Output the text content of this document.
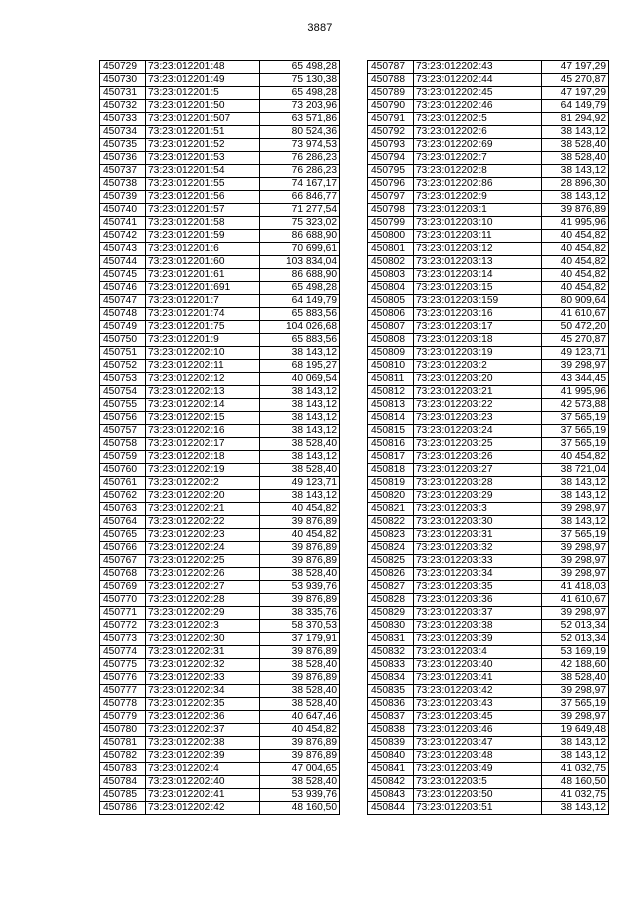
3887
450729	73:23:012201:48	65 498,28
450730	73:23:012201:49	75 130,38
450731	73:23:012201:5	65 498,28
450732	73:23:012201:50	73 203,96
450733	73:23:012201:507	63 571,86
450734	73:23:012201:51	80 524,36
450735	73:23:012201:52	73 974,53
450736	73:23:012201:53	76 286,23
450737	73:23:012201:54	76 286,23
450738	73:23:012201:55	74 167,17
450739	73:23:012201:56	66 846,77
450740	73:23:012201:57	71 277,54
450741	73:23:012201:58	75 323,02
450742	73:23:012201:59	86 688,90
450743	73:23:012201:6	70 699,61
450744	73:23:012201:60	103 834,04
450745	73:23:012201:61	86 688,90
450746	73:23:012201:691	65 498,28
450747	73:23:012201:7	64 149,79
450748	73:23:012201:74	65 883,56
450749	73:23:012201:75	104 026,68
450750	73:23:012201:9	65 883,56
450751	73:23:012202:10	38 143,12
450752	73:23:012202:11	68 195,27
450753	73:23:012202:12	40 069,54
450754	73:23:012202:13	38 143,12
450755	73:23:012202:14	38 143,12
450756	73:23:012202:15	38 143,12
450757	73:23:012202:16	38 143,12
450758	73:23:012202:17	38 528,40
450759	73:23:012202:18	38 143,12
450760	73:23:012202:19	38 528,40
450761	73:23:012202:2	49 123,71
450762	73:23:012202:20	38 143,12
450763	73:23:012202:21	40 454,82
450764	73:23:012202:22	39 876,89
450765	73:23:012202:23	40 454,82
450766	73:23:012202:24	39 876,89
450767	73:23:012202:25	39 876,89
450768	73:23:012202:26	38 528,40
450769	73:23:012202:27	53 939,76
450770	73:23:012202:28	39 876,89
450771	73:23:012202:29	38 335,76
450772	73:23:012202:3	58 370,53
450773	73:23:012202:30	37 179,91
450774	73:23:012202:31	39 876,89
450775	73:23:012202:32	38 528,40
450776	73:23:012202:33	39 876,89
450777	73:23:012202:34	38 528,40
450778	73:23:012202:35	38 528,40
450779	73:23:012202:36	40 647,46
450780	73:23:012202:37	40 454,82
450781	73:23:012202:38	39 876,89
450782	73:23:012202:39	39 876,89
450783	73:23:012202:4	47 004,65
450784	73:23:012202:40	38 528,40
450785	73:23:012202:41	53 939,76
450786	73:23:012202:42	48 160,50
450787	73:23:012202:43	47 197,29
450788	73:23:012202:44	45 270,87
450789	73:23:012202:45	47 197,29
450790	73:23:012202:46	64 149,79
450791	73:23:012202:5	81 294,92
450792	73:23:012202:6	38 143,12
450793	73:23:012202:69	38 528,40
450794	73:23:012202:7	38 528,40
450795	73:23:012202:8	38 143,12
450796	73:23:012202:86	28 896,30
450797	73:23:012202:9	38 143,12
450798	73:23:012203:1	39 876,89
450799	73:23:012203:10	41 995,96
450800	73:23:012203:11	40 454,82
450801	73:23:012203:12	40 454,82
450802	73:23:012203:13	40 454,82
450803	73:23:012203:14	40 454,82
450804	73:23:012203:15	40 454,82
450805	73:23:012203:159	80 909,64
450806	73:23:012203:16	41 610,67
450807	73:23:012203:17	50 472,20
450808	73:23:012203:18	45 270,87
450809	73:23:012203:19	49 123,71
450810	73:23:012203:2	39 298,97
450811	73:23:012203:20	43 344,45
450812	73:23:012203:21	41 995,96
450813	73:23:012203:22	42 573,88
450814	73:23:012203:23	37 565,19
450815	73:23:012203:24	37 565,19
450816	73:23:012203:25	37 565,19
450817	73:23:012203:26	40 454,82
450818	73:23:012203:27	38 721,04
450819	73:23:012203:28	38 143,12
450820	73:23:012203:29	38 143,12
450821	73:23:012203:3	39 298,97
450822	73:23:012203:30	38 143,12
450823	73:23:012203:31	37 565,19
450824	73:23:012203:32	39 298,97
450825	73:23:012203:33	39 298,97
450826	73:23:012203:34	39 298,97
450827	73:23:012203:35	41 418,03
450828	73:23:012203:36	41 610,67
450829	73:23:012203:37	39 298,97
450830	73:23:012203:38	52 013,34
450831	73:23:012203:39	52 013,34
450832	73:23:012203:4	53 169,19
450833	73:23:012203:40	42 188,60
450834	73:23:012203:41	38 528,40
450835	73:23:012203:42	39 298,97
450836	73:23:012203:43	37 565,19
450837	73:23:012203:45	39 298,97
450838	73:23:012203:46	19 649,48
450839	73:23:012203:47	38 143,12
450840	73:23:012203:48	38 143,12
450841	73:23:012203:49	41 032,75
450842	73:23:012203:5	48 160,50
450843	73:23:012203:50	41 032,75
450844	73:23:012203:51	38 143,12
